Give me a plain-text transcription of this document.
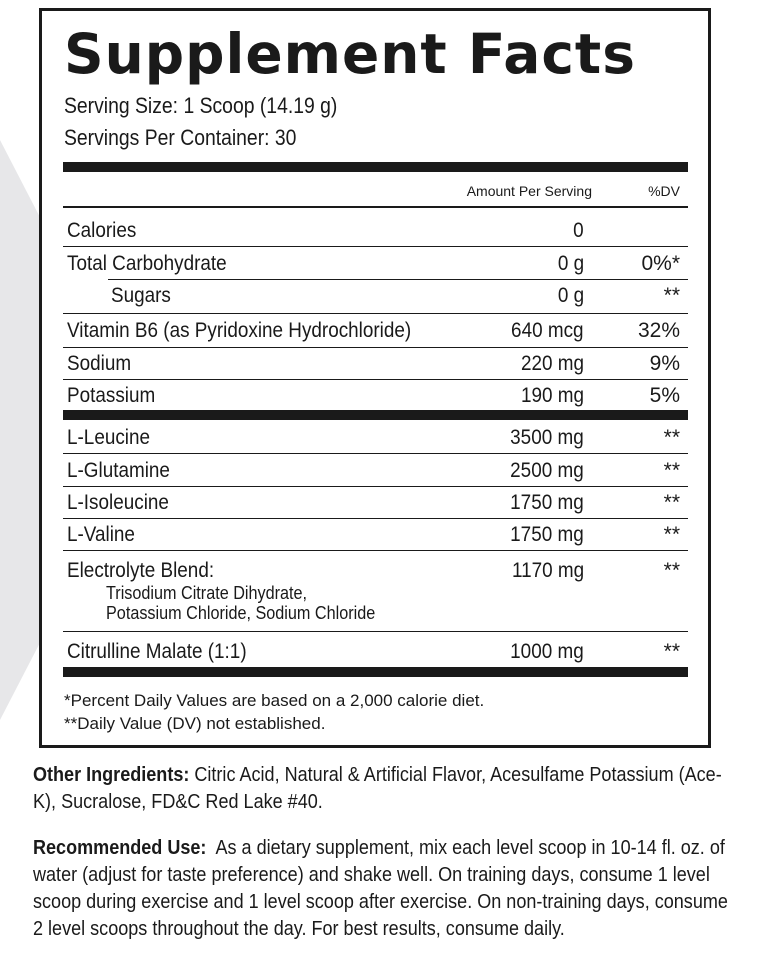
Supplement Facts
Serving Size: 1 Scoop (14.19 g)
Servings Per Container: 30
Amount Per Serving	%DV
Calories	0
Total Carbohydrate	0 g	0%*
Sugars	0 g	**
Vitamin B6 (as Pyridoxine Hydrochloride)	640 mcg	32%
Sodium	220 mg	9%
Potassium	190 mg	5%
L-Leucine	3500 mg	**
L-Glutamine	2500 mg	**
L-Isoleucine	1750 mg	**
L-Valine	1750 mg	**
Electrolyte Blend:	1170 mg	**
Trisodium Citrate Dihydrate,
Potassium Chloride, Sodium Chloride
Citrulline Malate (1:1)	1000 mg	**
*Percent Daily Values are based on a 2,000 calorie diet.
**Daily Value (DV) not established.

Other Ingredients: Citric Acid, Natural & Artificial Flavor, Acesulfame Potassium (Ace-K), Sucralose, FD&C Red Lake #40.

Recommended Use:  As a dietary supplement, mix each level scoop in 10-14 fl. oz. of water (adjust for taste preference) and shake well. On training days, consume 1 level scoop during exercise and 1 level scoop after exercise. On non-training days, consume 2 level scoops throughout the day. For best results, consume daily.
